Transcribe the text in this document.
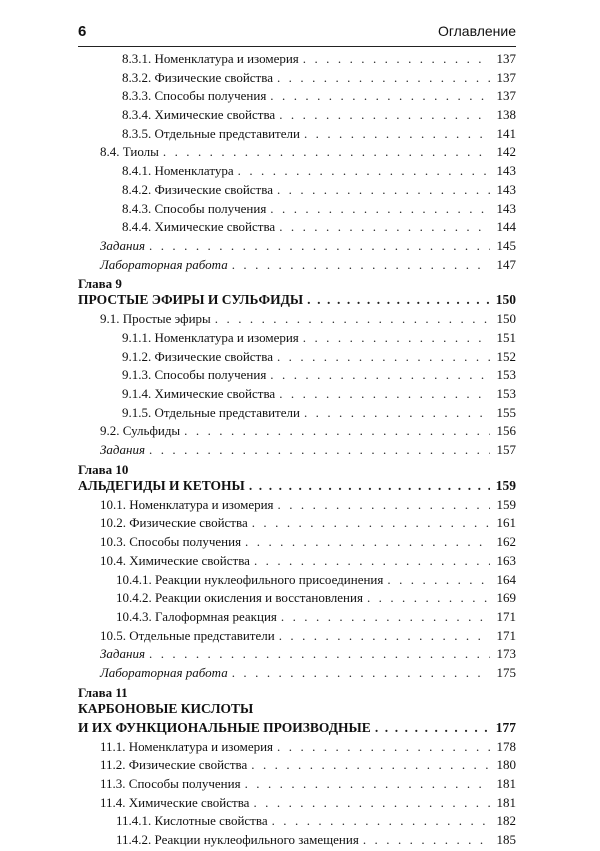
6	Оглавление
8.3.1. Номенклатура и изомерия . . .	137
8.3.2. Физические свойства . . .	137
8.3.3. Способы получения . . .	137
8.3.4. Химические свойства . . .	138
8.3.5. Отдельные представители . . .	141
8.4. Тиолы . . .	142
8.4.1. Номенклатура . . .	143
8.4.2. Физические свойства . . .	143
8.4.3. Способы получения . . .	143
8.4.4. Химические свойства . . .	144
Задания . . .	145
Лабораторная работа . . .	147
Глава 9
ПРОСТЫЕ ЭФИРЫ И СУЛЬФИДЫ . . .	150
9.1. Простые эфиры . . .	150
9.1.1. Номенклатура и изомерия . . .	151
9.1.2. Физические свойства . . .	152
9.1.3. Способы получения . . .	153
9.1.4. Химические свойства . . .	153
9.1.5. Отдельные представители . . .	155
9.2. Сульфиды . . .	156
Задания . . .	157
Глава 10
АЛЬДЕГИДЫ И КЕТОНЫ . . .	159
10.1. Номенклатура и изомерия . . .	159
10.2. Физические свойства . . .	161
10.3. Способы получения . . .	162
10.4. Химические свойства . . .	163
10.4.1. Реакции нуклеофильного присоединения . . .	164
10.4.2. Реакции окисления и восстановления . . .	169
10.4.3. Галоформная реакция . . .	171
10.5. Отдельные представители . . .	171
Задания . . .	173
Лабораторная работа . . .	175
Глава 11
КАРБОНОВЫЕ КИСЛОТЫ
И ИХ ФУНКЦИОНАЛЬНЫЕ ПРОИЗВОДНЫЕ . . .	177
11.1. Номенклатура и изомерия . . .	178
11.2. Физические свойства . . .	180
11.3. Способы получения . . .	181
11.4. Химические свойства . . .	181
11.4.1. Кислотные свойства . . .	182
11.4.2. Реакции нуклеофильного замещения . . .	185
